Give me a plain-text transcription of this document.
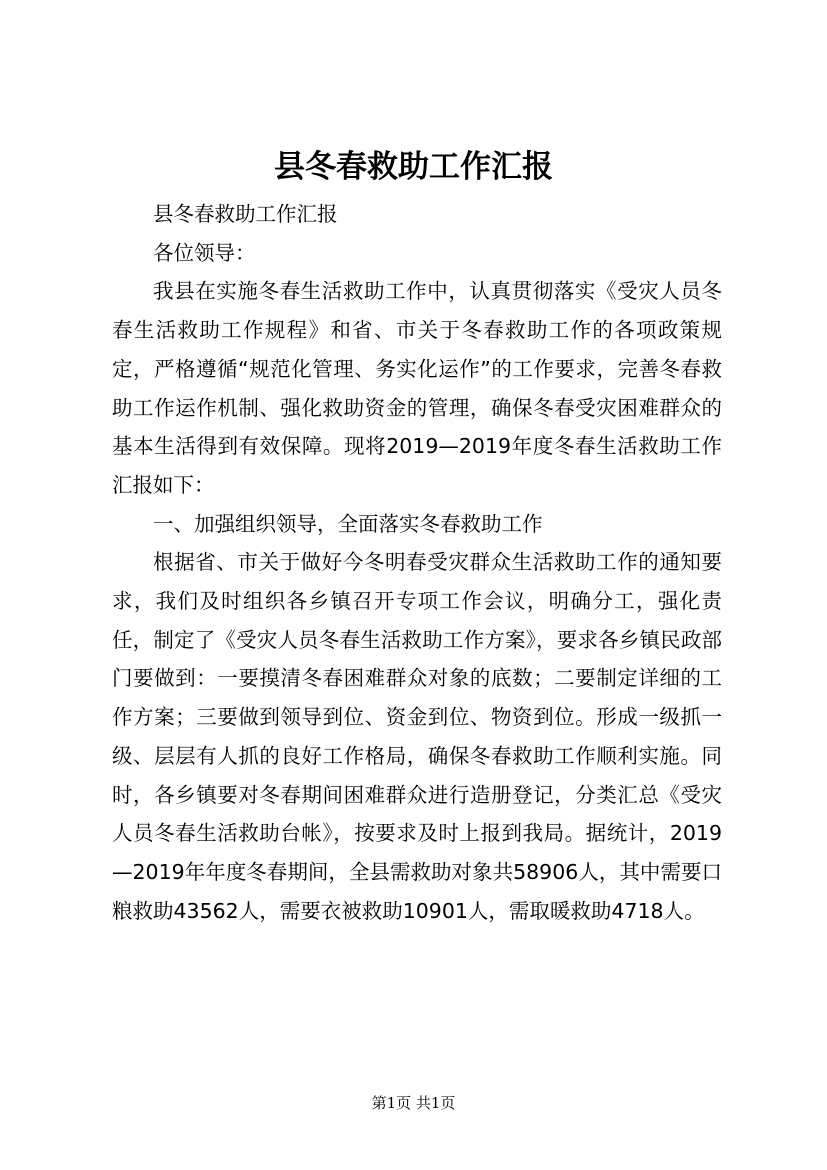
县冬春救助工作汇报

县冬春救助工作汇报

各位领导：

我县在实施冬春生活救助工作中，认真贯彻落实《受灾人员冬春生活救助工作规程》和省、市关于冬春救助工作的各项政策规定，严格遵循“规范化管理、务实化运作”的工作要求，完善冬春救助工作运作机制、强化救助资金的管理，确保冬春受灾困难群众的基本生活得到有效保障。现将2019—2019年度冬春生活救助工作汇报如下：

一、加强组织领导，全面落实冬春救助工作

根据省、市关于做好今冬明春受灾群众生活救助工作的通知要求，我们及时组织各乡镇召开专项工作会议，明确分工，强化责任，制定了《受灾人员冬春生活救助工作方案》，要求各乡镇民政部门要做到：一要摸清冬春困难群众对象的底数；二要制定详细的工作方案；三要做到领导到位、资金到位、物资到位。形成一级抓一级、层层有人抓的良好工作格局，确保冬春救助工作顺利实施。同时，各乡镇要对冬春期间困难群众进行造册登记，分类汇总《受灾人员冬春生活救助台帐》，按要求及时上报到我局。据统计，2019—2019年年度冬春期间，全县需救助对象共58906人，其中需要口粮救助43562人，需要衣被救助10901人，需取暖救助4718人。

第1页 共1页
